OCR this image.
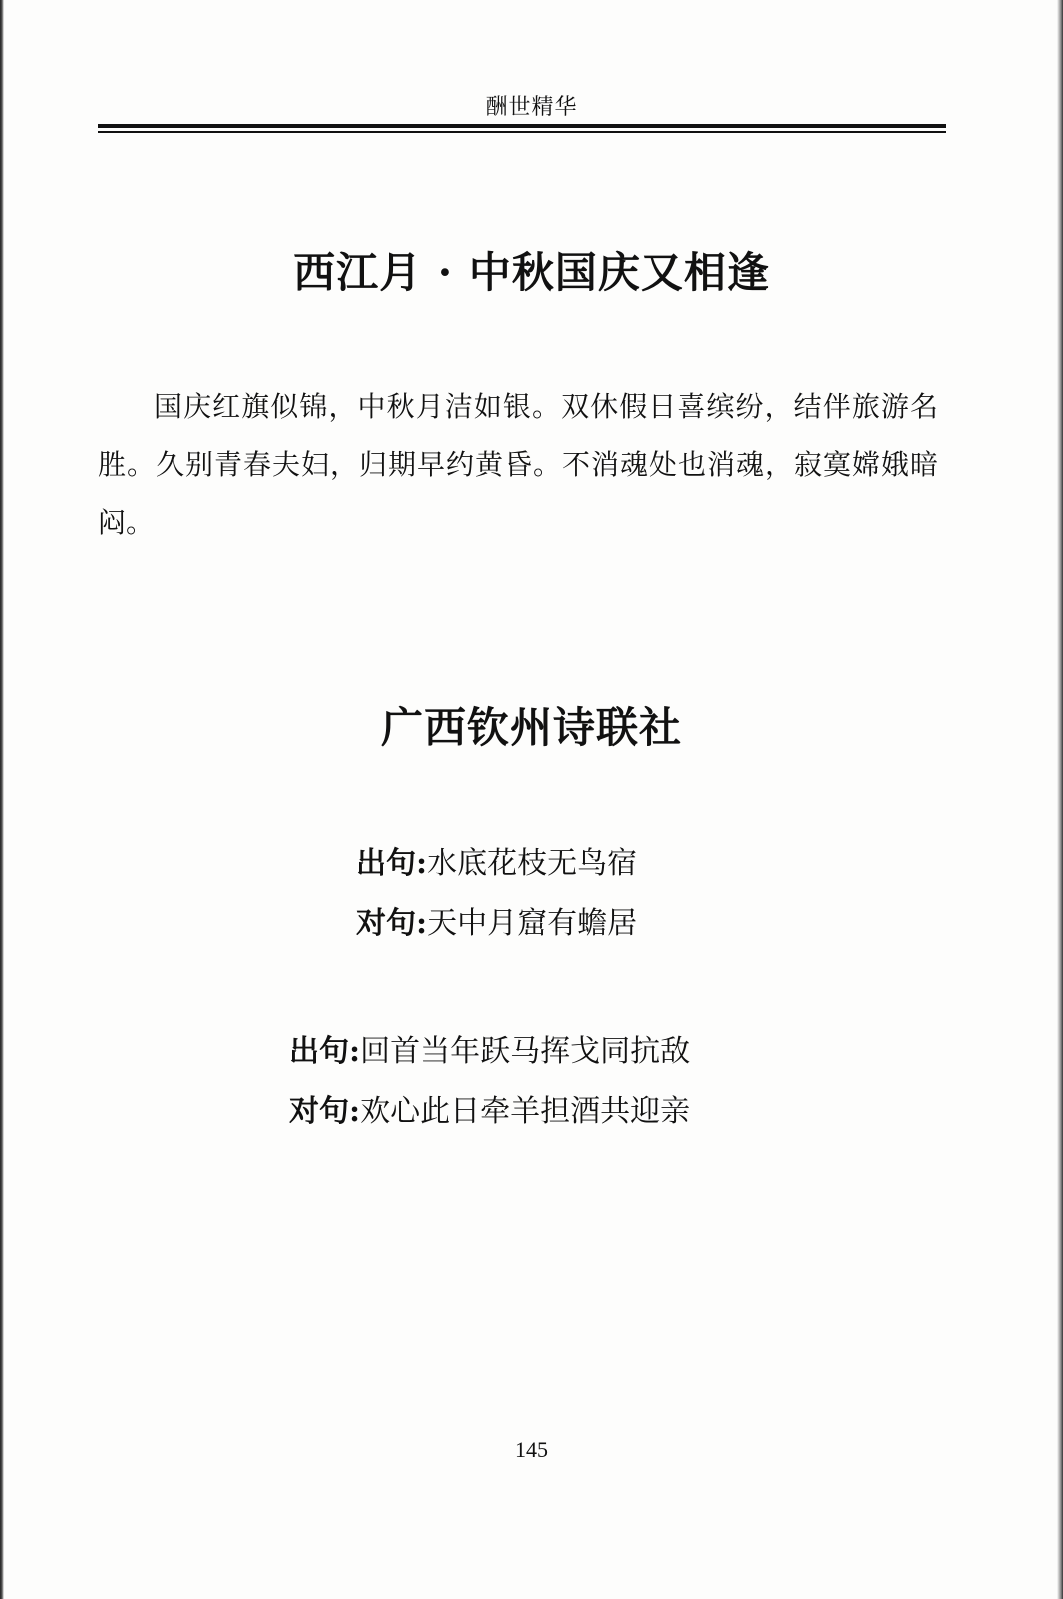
酬世精华
西江月 · 中秋国庆又相逢
国庆红旗似锦，中秋月洁如银。双休假日喜缤纷，结伴旅游名胜。久别青春夫妇，归期早约黄昏。不消魂处也消魂，寂寞嫦娥暗闷。
广西钦州诗联社
出句:水底花枝无鸟宿
对句:天中月窟有蟾居
出句:回首当年跃马挥戈同抗敌
对句:欢心此日牵羊担酒共迎亲
145
